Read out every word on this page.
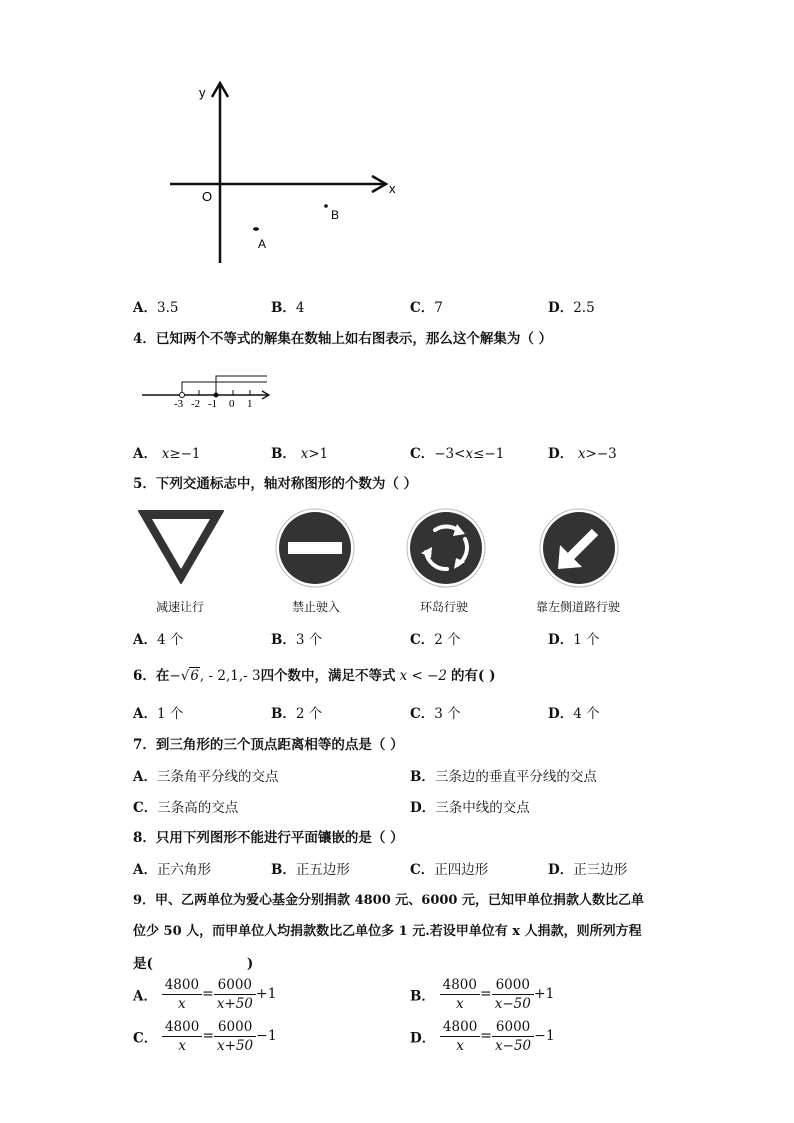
y
x
O
B
A
A．3.5	B．4	C．7	D．2.5
4．已知两个不等式的解集在数轴上如右图表示，那么这个解集为（ ）
-3 -2 -1 0 1
A． x≥−1	B． x>1	C．−3<x≤−1	D． x>−3
5．下列交通标志中，轴对称图形的个数为（ ）
减速让行	禁止驶入	环岛行驶	靠左侧道路行驶
A．4 个	B．3 个	C．2 个	D．1 个
6．在−√6, - 2,1,- 3四个数中，满足不等式 x < −2 的有( )
A．1 个	B．2 个	C．3 个	D．4 个
7．到三角形的三个顶点距离相等的点是（ ）
A．三条角平分线的交点	B．三条边的垂直平分线的交点
C．三条高的交点	D．三条中线的交点
8．只用下列图形不能进行平面镶嵌的是（ ）
A．正六角形	B．正五边形	C．正四边形	D．正三边形
9．甲、乙两单位为爱心基金分别捐款 4800 元、6000 元，已知甲单位捐款人数比乙单
位少 50 人，而甲单位人均捐款数比乙单位多 1 元.若设甲单位有 x 人捐款，则所列方程
是(                    )
A． $\frac{4800}{x} = \frac{6000}{x+50} +1$	B． $\frac{4800}{x} = \frac{6000}{x-50} +1$
C． $\frac{4800}{x} = \frac{6000}{x+50} -1$	D． $\frac{4800}{x} = \frac{6000}{x-50} -1$
